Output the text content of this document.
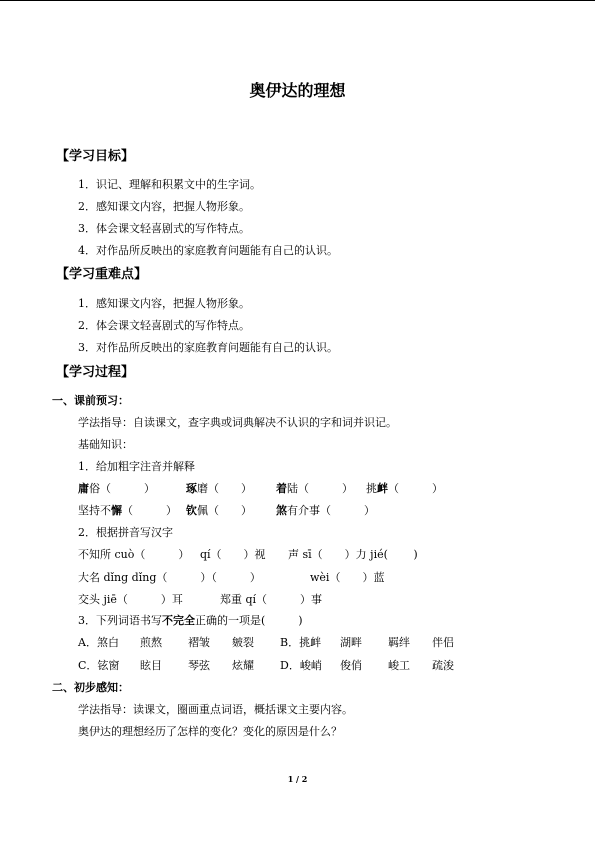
奥伊达的理想
【学习目标】
1．识记、理解和积累文中的生字词。
2．感知课文内容，把握人物形象。
3．体会课文轻喜剧式的写作特点。
4．对作品所反映出的家庭教育问题能有自己的认识。
【学习重难点】
1．感知课文内容，把握人物形象。
2．体会课文轻喜剧式的写作特点。
3．对作品所反映出的家庭教育问题能有自己的认识。
【学习过程】
一、课前预习：
学法指导：自读课文，查字典或词典解决不认识的字和词并识记。
基础知识：
1．给加粗字注音并解释
庸俗（　　　）	琢磨（　　） 着陆（　　　） 挑衅（　　　）
坚持不懈（　　　） 钦佩（　　） 煞有介事（　　　）
2．根据拼音写汉字
不知所 cuò（　　　） qí（　　）视 声 sī（　　）力 jié(　　 )
大名 dǐng dǐng（　　　）（　　　）	wèi（　　）蓝
交头 jiē（　　　）耳	郑重 qí（　　　）事
3．下列词语书写不完全正确的一项是(　　　)
A．煞白 煎熬 褶皱 皴裂 B．挑衅 湖畔 羁绊 伴侣
C．铉窗 眩目 琴弦 炫耀 D．峻峭 俊俏 峻工 疏浚
二、初步感知：
学法指导：读课文，圈画重点词语，概括课文主要内容。
奥伊达的理想经历了怎样的变化？变化的原因是什么？
1 / 2
